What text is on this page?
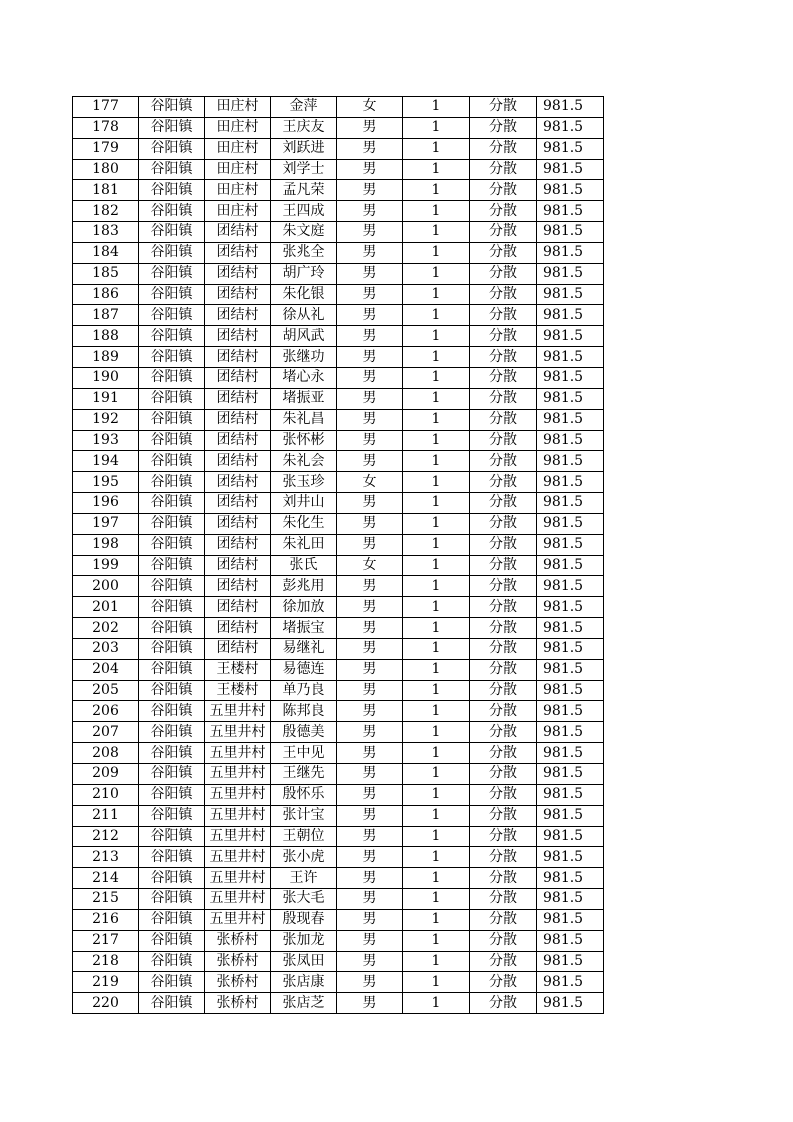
177	谷阳镇	田庄村	金萍	女	1	分散	981.5
178	谷阳镇	田庄村	王庆友	男	1	分散	981.5
179	谷阳镇	田庄村	刘跃进	男	1	分散	981.5
180	谷阳镇	田庄村	刘学士	男	1	分散	981.5
181	谷阳镇	田庄村	孟凡荣	男	1	分散	981.5
182	谷阳镇	田庄村	王四成	男	1	分散	981.5
183	谷阳镇	团结村	朱文庭	男	1	分散	981.5
184	谷阳镇	团结村	张兆全	男	1	分散	981.5
185	谷阳镇	团结村	胡广玲	男	1	分散	981.5
186	谷阳镇	团结村	朱化银	男	1	分散	981.5
187	谷阳镇	团结村	徐从礼	男	1	分散	981.5
188	谷阳镇	团结村	胡风武	男	1	分散	981.5
189	谷阳镇	团结村	张继功	男	1	分散	981.5
190	谷阳镇	团结村	堵心永	男	1	分散	981.5
191	谷阳镇	团结村	堵振亚	男	1	分散	981.5
192	谷阳镇	团结村	朱礼昌	男	1	分散	981.5
193	谷阳镇	团结村	张怀彬	男	1	分散	981.5
194	谷阳镇	团结村	朱礼会	男	1	分散	981.5
195	谷阳镇	团结村	张玉珍	女	1	分散	981.5
196	谷阳镇	团结村	刘井山	男	1	分散	981.5
197	谷阳镇	团结村	朱化生	男	1	分散	981.5
198	谷阳镇	团结村	朱礼田	男	1	分散	981.5
199	谷阳镇	团结村	张氏	女	1	分散	981.5
200	谷阳镇	团结村	彭兆用	男	1	分散	981.5
201	谷阳镇	团结村	徐加放	男	1	分散	981.5
202	谷阳镇	团结村	堵振宝	男	1	分散	981.5
203	谷阳镇	团结村	易继礼	男	1	分散	981.5
204	谷阳镇	王楼村	易德连	男	1	分散	981.5
205	谷阳镇	王楼村	单乃良	男	1	分散	981.5
206	谷阳镇	五里井村	陈邦良	男	1	分散	981.5
207	谷阳镇	五里井村	殷德美	男	1	分散	981.5
208	谷阳镇	五里井村	王中见	男	1	分散	981.5
209	谷阳镇	五里井村	王继先	男	1	分散	981.5
210	谷阳镇	五里井村	殷怀乐	男	1	分散	981.5
211	谷阳镇	五里井村	张计宝	男	1	分散	981.5
212	谷阳镇	五里井村	王朝位	男	1	分散	981.5
213	谷阳镇	五里井村	张小虎	男	1	分散	981.5
214	谷阳镇	五里井村	王许	男	1	分散	981.5
215	谷阳镇	五里井村	张大毛	男	1	分散	981.5
216	谷阳镇	五里井村	殷现春	男	1	分散	981.5
217	谷阳镇	张桥村	张加龙	男	1	分散	981.5
218	谷阳镇	张桥村	张凤田	男	1	分散	981.5
219	谷阳镇	张桥村	张店康	男	1	分散	981.5
220	谷阳镇	张桥村	张店芝	男	1	分散	981.5
